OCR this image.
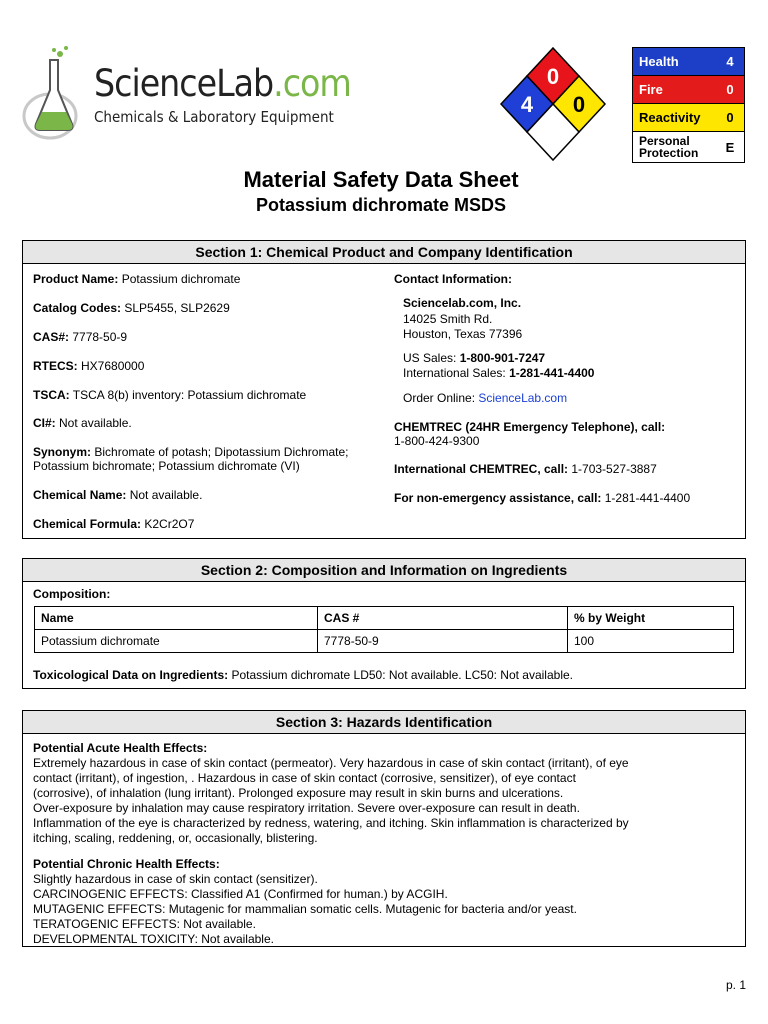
ScienceLab.com
Chemicals & Laboratory Equipment
0
4 0
Health	4
Fire	0
Reactivity	0
Personal Protection	E
Material Safety Data Sheet
Potassium dichromate MSDS
Section 1: Chemical Product and Company Identification
Product Name: Potassium dichromate
Catalog Codes: SLP5455, SLP2629
CAS#: 7778-50-9
RTECS: HX7680000
TSCA: TSCA 8(b) inventory: Potassium dichromate
CI#: Not available.
Synonym: Bichromate of potash; Dipotassium Dichromate;
Potassium bichromate; Potassium dichromate (VI)
Chemical Name: Not available.
Chemical Formula: K2Cr2O7
Contact Information:
Sciencelab.com, Inc.
14025 Smith Rd.
Houston, Texas 77396
US Sales: 1-800-901-7247
International Sales: 1-281-441-4400
Order Online: ScienceLab.com
CHEMTREC (24HR Emergency Telephone), call:
1-800-424-9300
International CHEMTREC, call: 1-703-527-3887
For non-emergency assistance, call: 1-281-441-4400
Section 2: Composition and Information on Ingredients
Composition:
Name	CAS #	% by Weight
Potassium dichromate	7778-50-9	100
Toxicological Data on Ingredients: Potassium dichromate LD50: Not available. LC50: Not available.
Section 3: Hazards Identification
Potential Acute Health Effects:
Extremely hazardous in case of skin contact (permeator). Very hazardous in case of skin contact (irritant), of eye
contact (irritant), of ingestion, . Hazardous in case of skin contact (corrosive, sensitizer), of eye contact
(corrosive), of inhalation (lung irritant). Prolonged exposure may result in skin burns and ulcerations.
Over-exposure by inhalation may cause respiratory irritation. Severe over-exposure can result in death.
Inflammation of the eye is characterized by redness, watering, and itching. Skin inflammation is characterized by
itching, scaling, reddening, or, occasionally, blistering.
Potential Chronic Health Effects:
Slightly hazardous in case of skin contact (sensitizer).
CARCINOGENIC EFFECTS: Classified A1 (Confirmed for human.) by ACGIH.
MUTAGENIC EFFECTS: Mutagenic for mammalian somatic cells. Mutagenic for bacteria and/or yeast.
TERATOGENIC EFFECTS: Not available.
DEVELOPMENTAL TOXICITY: Not available.
p. 1
